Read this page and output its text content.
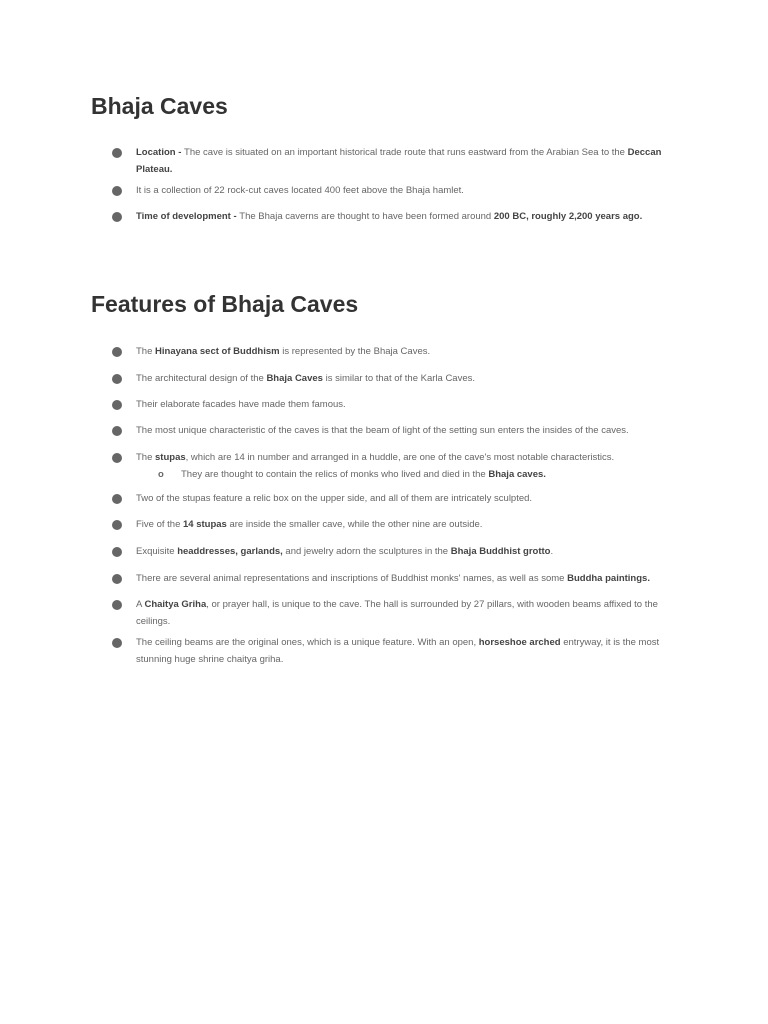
Bhaja Caves
Location - The cave is situated on an important historical trade route that runs eastward from the Arabian Sea to the Deccan Plateau.
It is a collection of 22 rock-cut caves located 400 feet above the Bhaja hamlet.
Time of development - The Bhaja caverns are thought to have been formed around 200 BC, roughly 2,200 years ago.
Features of Bhaja Caves
The Hinayana sect of Buddhism is represented by the Bhaja Caves.
The architectural design of the Bhaja Caves is similar to that of the Karla Caves.
Their elaborate facades have made them famous.
The most unique characteristic of the caves is that the beam of light of the setting sun enters the insides of the caves.
The stupas, which are 14 in number and arranged in a huddle, are one of the cave's most notable characteristics.
o They are thought to contain the relics of monks who lived and died in the Bhaja caves.
Two of the stupas feature a relic box on the upper side, and all of them are intricately sculpted.
Five of the 14 stupas are inside the smaller cave, while the other nine are outside.
Exquisite headdresses, garlands, and jewelry adorn the sculptures in the Bhaja Buddhist grotto.
There are several animal representations and inscriptions of Buddhist monks' names, as well as some Buddha paintings.
A Chaitya Griha, or prayer hall, is unique to the cave. The hall is surrounded by 27 pillars, with wooden beams affixed to the ceilings.
The ceiling beams are the original ones, which is a unique feature. With an open, horseshoe arched entryway, it is the most stunning huge shrine chaitya griha.
